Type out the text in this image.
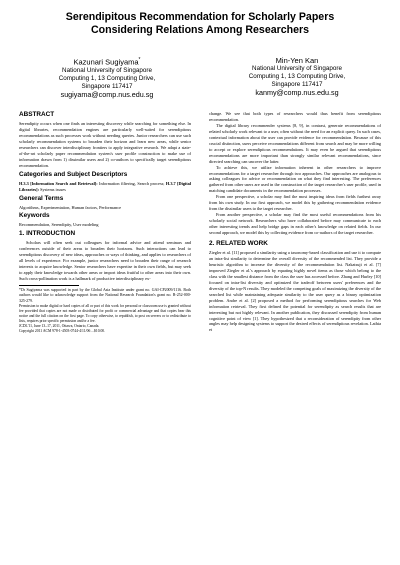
Serendipitous Recommendation for Scholarly Papers
Considering Relations Among Researchers
Kazunari Sugiyama*
National University of Singapore
Computing 1, 13 Computing Drive,
Singapore 117417
sugiyama@comp.nus.edu.sg
Min-Yen Kan
National University of Singapore
Computing 1, 13 Computing Drive,
Singapore 117417
kanmy@comp.nus.edu.sg
ABSTRACT

Serendipity occurs when one finds an interesting discovery while searching for something else. In digital libraries, recommendation engines are particularly well-suited for serendipitous recommendations as such processes work without needing queries. Junior researchers can use such scholarly recommendation systems to broaden their horizon and learn new areas, while senior researchers can discover interdisciplinary frontiers to apply integrative research. We adapt a state-of-the-art scholarly paper recommendation system's user profile construction to make use of information drawn from 1) dissimilar users and 2) co-authors to specifically target serendipitous recommendation.

Categories and Subject Descriptors

H.3.3 [Information Search and Retrieval]: Information filtering, Search process; H.3.7 [Digital Libraries]: Systems issues

General Terms

Algorithms, Experimentation, Human factors, Performance

Keywords

Recommendation, Serendipity, User modeling

1. INTRODUCTION

Scholars will often seek out colleagues for informal advice and attend seminars and conferences outside of their areas to broaden their horizons. Such interactions can lead to serendipitous discovery of new ideas, approaches or ways of thinking, and applies to researchers of all levels of experience. For example, junior researchers need to broaden their range of research interests to acquire knowledge. Senior researchers have expertise in their own fields, but may seek to apply their knowledge towards other areas or import ideas fruitful to other areas into their own. Such cross-pollination work is a hallmark of productive interdisciplinary ex-

*Dr Sugiyama was supported in part by the Global Asia Institute under grant no. GAI-CP2009/1116. Both authors would like to acknowledge support from the National Research Foundation's grant no. R-252-000-325-279.

Permission to make digital or hard copies of all or part of this work for personal or classroom use is granted without fee provided that copies are not made or distributed for profit or commercial advantage and that copies bear this notice and the full citation on the first page. To copy otherwise, to republish, to post on servers or to redistribute to lists, requires prior specific permission and/or a fee.

JCDL'11, June 13–17, 2011, Ottawa, Ontario, Canada.

Copyright 2011 ACM 978-1-4503-0744-4/11/06 ...$10.00.

change. We see that both types of researchers would thus benefit from serendipitous recommendation.

The digital library recommender systems [8, 9], in contrast, generate recommendations of related scholarly work relevant to a user, often without the need for an explicit query. In such cases, contextual information about the user can provide evidence for recommendation. Because of this crucial distinction, users perceive recommendations different from search and may be more willing to accept or explore serendipitous recommendations. It may even be argued that serendipitous recommendations are more important than strongly similar relevant recommendations, since directed searching can uncover the latter.

To achieve this, we utilize information inherent in other researchers to improve recommendations for a target researcher through two approaches. Our approaches are analogous to asking colleagues for advice or recommendation on what they find interesting. The preferences gathered from other users are used in the construction of the target researcher's user profile, used in matching candidate documents in the recommendation processes.

From one perspective, a scholar may find the most inspiring ideas from fields furthest away from his own study. In our first approach, we model this by gathering recommendation evidence from the dissimilar users to the target researcher.

From another perspective, a scholar may find the most useful recommendations from his scholarly social network. Researchers who have collaborated before may communicate to each other interesting trends and help bridge gaps in each other's knowledge on related fields. In our second approach, we model this by collecting evidence from co-authors of the target researcher.

2. RELATED WORK

Ziegler et al. [11] proposed a similarity using a taxonomy-based classification and use it to compute an intra-list similarity to determine the overall diversity of the recommended list. They provide a heuristic algorithm to increase the diversity of the recommendation list. Nakatsuji et al. [7] improved Ziegler et al.'s approach by equating highly novel items as those which belong to the class with the smallest distance from the class the user has accessed before. Zhang and Hurley [10] focused on intra-list diversity and optimized the tradeoff between users' preferences and the diversity of the top-N results. They modeled the competing goals of maximizing the diversity of the searched list while maintaining adequate similarity to the user query as a binary optimization problem. Andre et al. [2] proposed a method for performing serendipitous searches for Web information retrieval. They first defined the potential for serendipity as search results that are interesting but not highly relevant. In another publication, they discussed serendipity from human cognitive point of view [1]. They hypothesized that a reconsideration of serendipity from other angles may help designing systems to support the desired effects of serendipitous revelation. Lathia et
